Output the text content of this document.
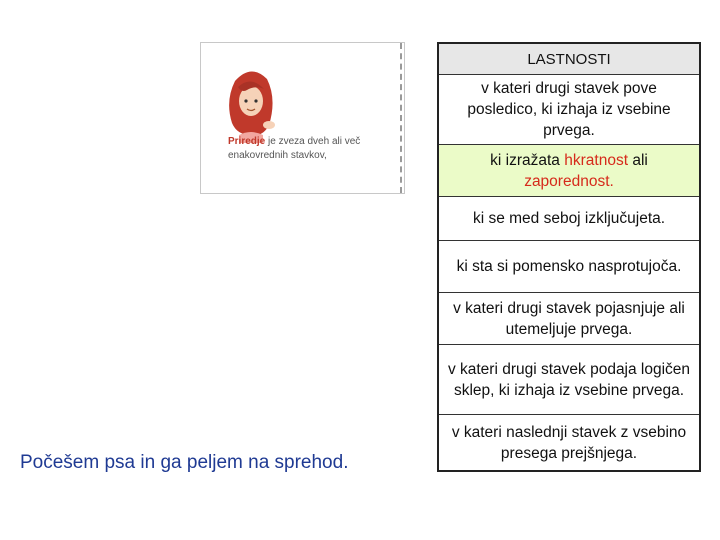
Priredje je zveza dveh ali več enakovrednih stavkov,
LASTNOSTI
v kateri drugi stavek pove posledico, ki izhaja iz vsebine prvega.
ki izražata hkratnost ali zaporednost.
ki se med seboj izključujeta.
ki sta si pomensko nasprotujoča.
v kateri drugi stavek pojasnjuje ali utemeljuje prvega.
v kateri drugi stavek podaja logičen sklep, ki izhaja iz vsebine prvega.
v kateri naslednji stavek z vsebino presega prejšnjega.
Počešem psa in ga peljem na sprehod.
